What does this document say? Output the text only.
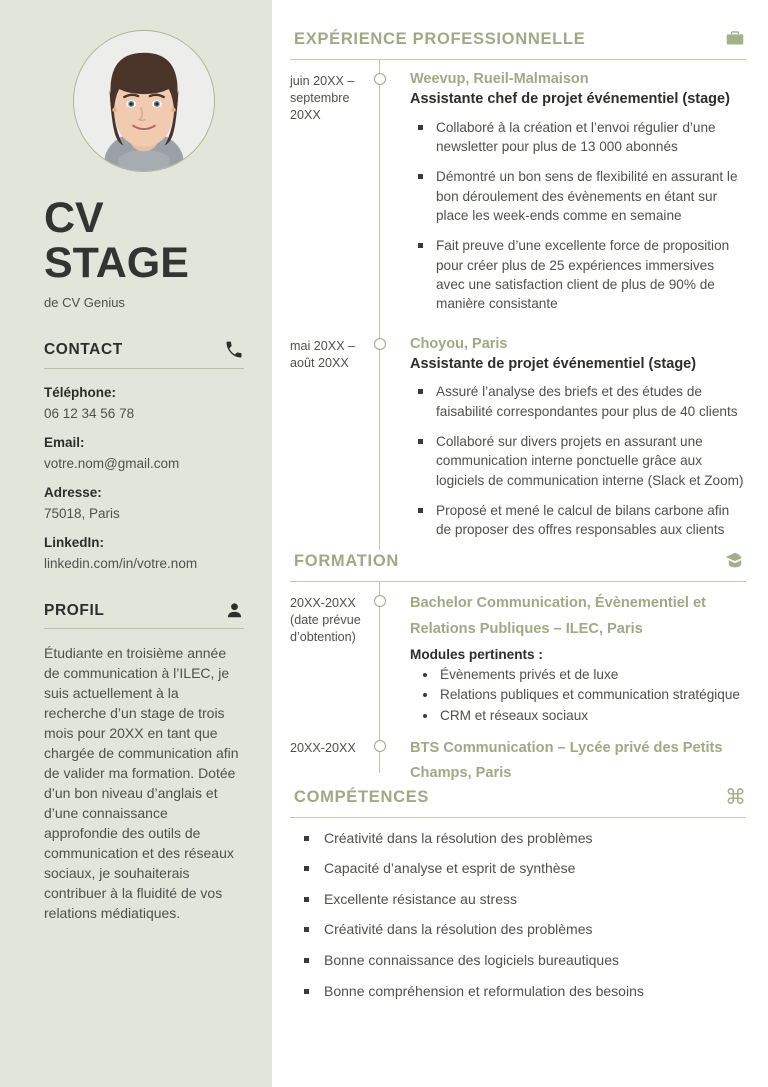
CV
STAGE
de CV Genius
CONTACT
Téléphone:
06 12 34 56 78
Email:
votre.nom@gmail.com
Adresse:
75018, Paris
LinkedIn:
linkedin.com/in/votre.nom
PROFIL

Étudiante en troisième année de communication à l’ILEC, je suis actuellement à la recherche d’un stage de trois mois pour 20XX en tant que chargée de communication afin de valider ma formation. Dotée d’un bon niveau d’anglais et d’une connaissance approfondie des outils de communication et des réseaux sociaux, je souhaiterais contribuer à la fluidité de vos relations médiatiques.

EXPÉRIENCE PROFESSIONNELLE
juin 20XX – septembre 20XX
Weevup, Rueil-Malmaison
Assistante chef de projet événementiel (stage)
Collaboré à la création et l’envoi régulier d’une newsletter pour plus de 13 000 abonnés
Démontré un bon sens de flexibilité en assurant le bon déroulement des évènements en étant sur place les week-ends comme en semaine
Fait preuve d’une excellente force de proposition pour créer plus de 25 expériences immersives avec une satisfaction client de plus de 90% de manière consistante
mai 20XX – août 20XX
Choyou, Paris
Assistante de projet événementiel (stage)
Assuré l’analyse des briefs et des études de faisabilité correspondantes pour plus de 40 clients
Collaboré sur divers projets en assurant une communication interne ponctuelle grâce aux logiciels de communication interne (Slack et Zoom)
Proposé et mené le calcul de bilans carbone afin de proposer des offres responsables aux clients
FORMATION
20XX-20XX (date prévue d’obtention)
Bachelor Communication, Évènementiel et Relations Publiques – ILEC, Paris
Modules pertinents :
Évènements privés et de luxe
Relations publiques et communication stratégique
CRM et réseaux sociaux
20XX-20XX	BTS Communication – Lycée privé des Petits Champs, Paris
COMPÉTENCES	⌘
Créativité dans la résolution des problèmes
Capacité d’analyse et esprit de synthèse
Excellente résistance au stress
Créativité dans la résolution des problèmes
Bonne connaissance des logiciels bureautiques
Bonne compréhension et reformulation des besoins
